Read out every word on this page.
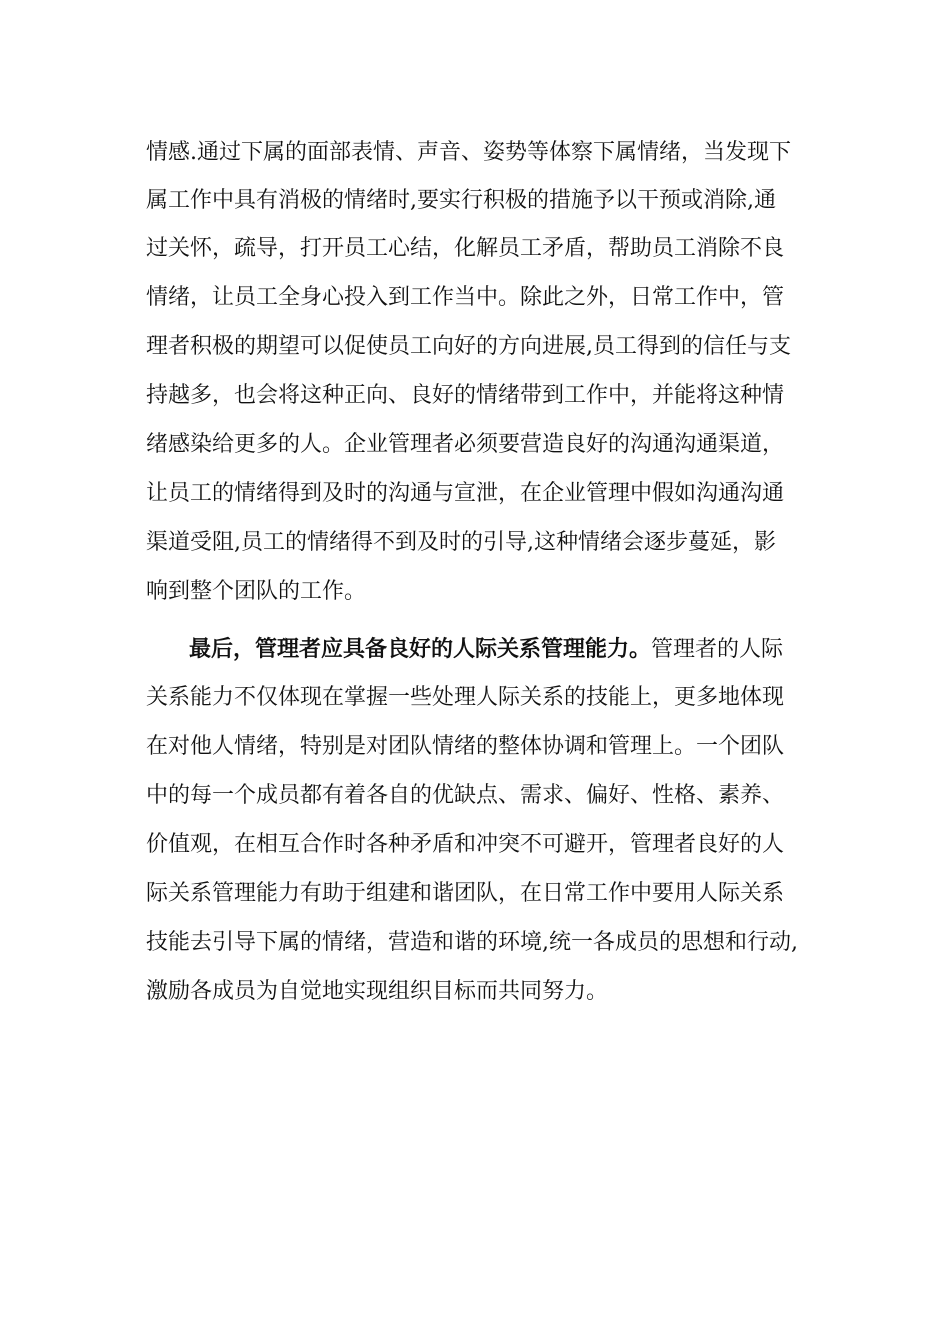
情感.通过下属的面部表情、声音、姿势等体察下属情绪，当发现下
属工作中具有消极的情绪时,要实行积极的措施予以干预或消除,通
过关怀，疏导，打开员工心结，化解员工矛盾，帮助员工消除不良
情绪，让员工全身心投入到工作当中。除此之外，日常工作中，管
理者积极的期望可以促使员工向好的方向进展,员工得到的信任与支
持越多，也会将这种正向、良好的情绪带到工作中，并能将这种情
绪感染给更多的人。企业管理者必须要营造良好的沟通沟通渠道，
让员工的情绪得到及时的沟通与宣泄，在企业管理中假如沟通沟通
渠道受阻,员工的情绪得不到及时的引导,这种情绪会逐步蔓延，影
响到整个团队的工作。
最后，管理者应具备良好的人际关系管理能力。管理者的人际
关系能力不仅体现在掌握一些处理人际关系的技能上，更多地体现
在对他人情绪，特别是对团队情绪的整体协调和管理上。一个团队
中的每一个成员都有着各自的优缺点、需求、偏好、性格、素养、
价值观，在相互合作时各种矛盾和冲突不可避开，管理者良好的人
际关系管理能力有助于组建和谐团队，在日常工作中要用人际关系
技能去引导下属的情绪，营造和谐的环境,统一各成员的思想和行动,
激励各成员为自觉地实现组织目标而共同努力。
